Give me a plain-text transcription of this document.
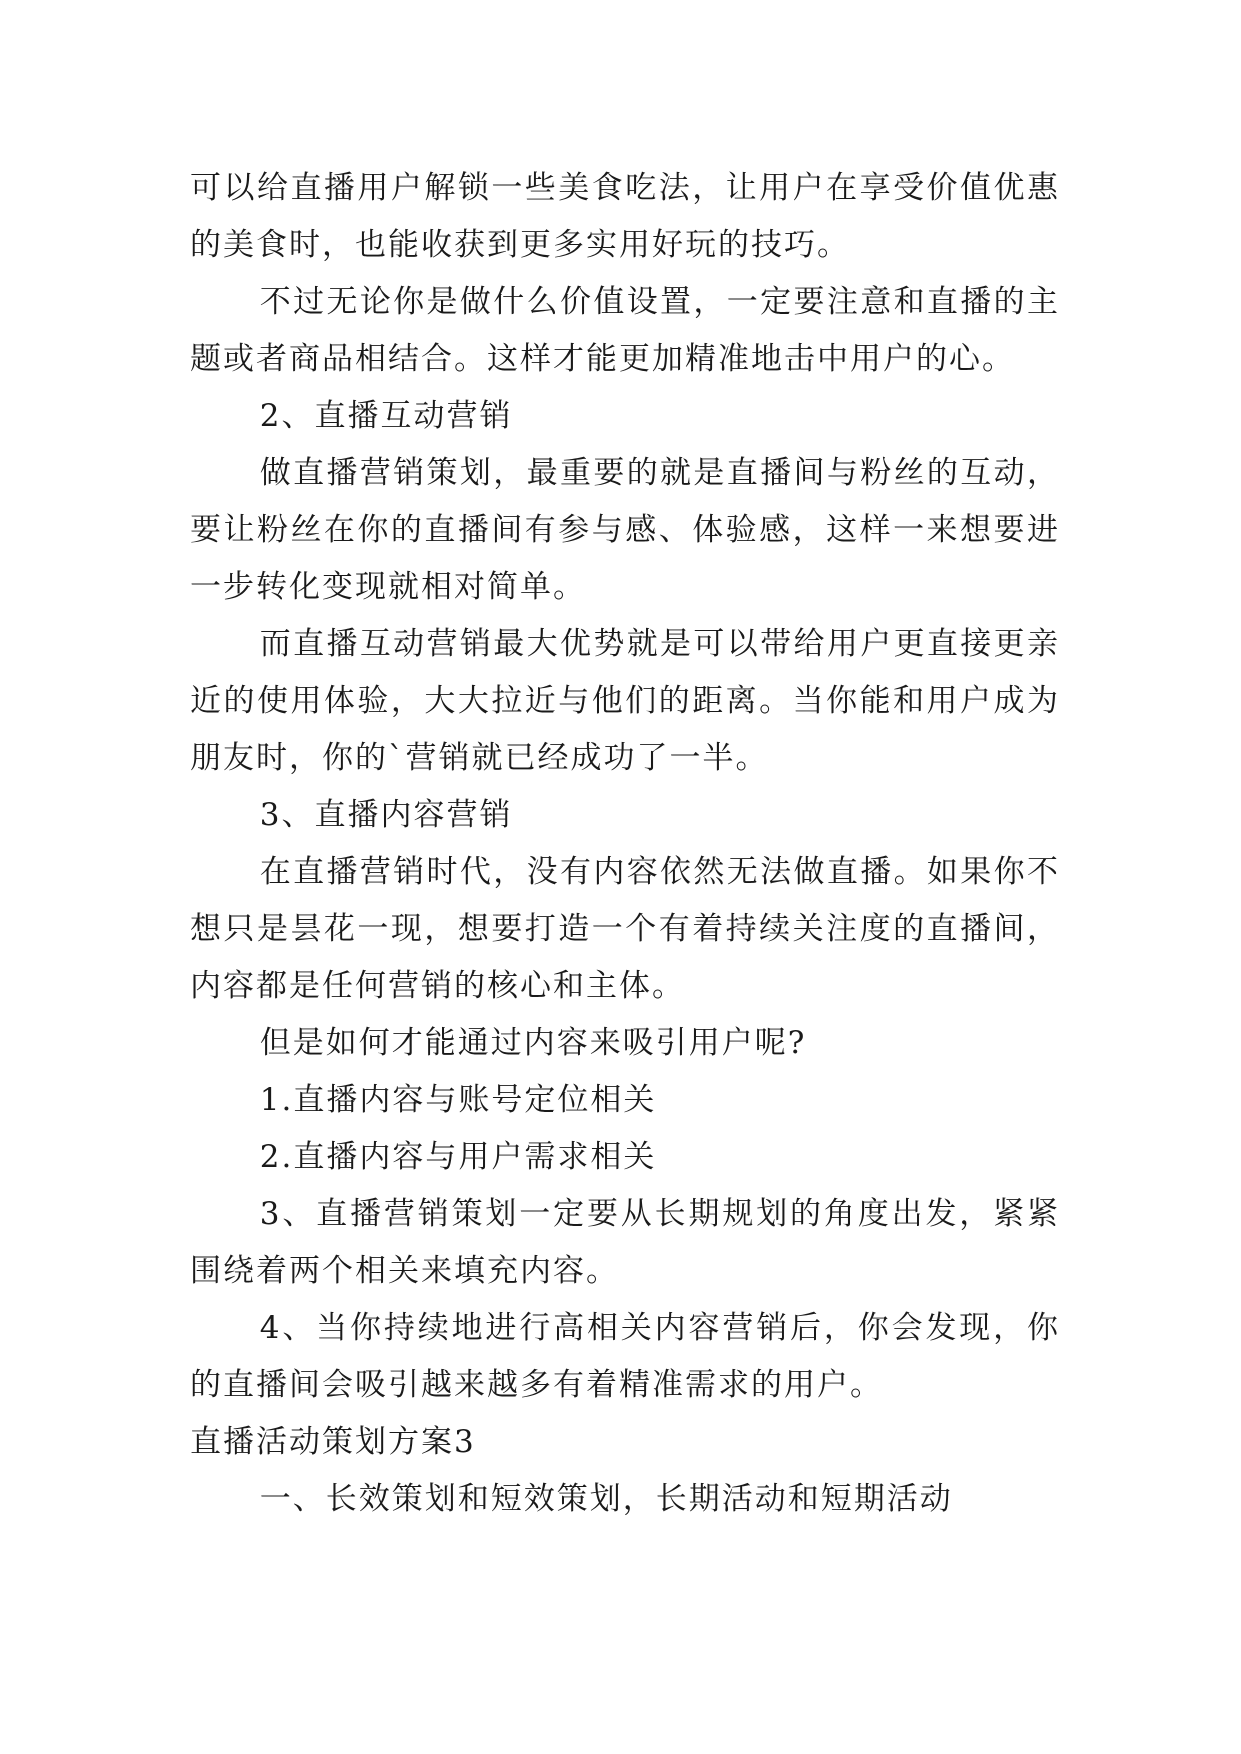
可以给直播用户解锁一些美食吃法，让用户在享受价值优惠的美食时，也能收获到更多实用好玩的技巧。

不过无论你是做什么价值设置，一定要注意和直播的主题或者商品相结合。这样才能更加精准地击中用户的心。

2、直播互动营销

做直播营销策划，最重要的就是直播间与粉丝的互动，要让粉丝在你的直播间有参与感、体验感，这样一来想要进一步转化变现就相对简单。

而直播互动营销最大优势就是可以带给用户更直接更亲近的使用体验，大大拉近与他们的距离。当你能和用户成为朋友时，你的`营销就已经成功了一半。

3、直播内容营销

在直播营销时代，没有内容依然无法做直播。如果你不想只是昙花一现，想要打造一个有着持续关注度的直播间，内容都是任何营销的核心和主体。

但是如何才能通过内容来吸引用户呢?

1.直播内容与账号定位相关

2.直播内容与用户需求相关

3、直播营销策划一定要从长期规划的角度出发，紧紧围绕着两个相关来填充内容。

4、当你持续地进行高相关内容营销后，你会发现，你的直播间会吸引越来越多有着精准需求的用户。

直播活动策划方案3

一、长效策划和短效策划，长期活动和短期活动
